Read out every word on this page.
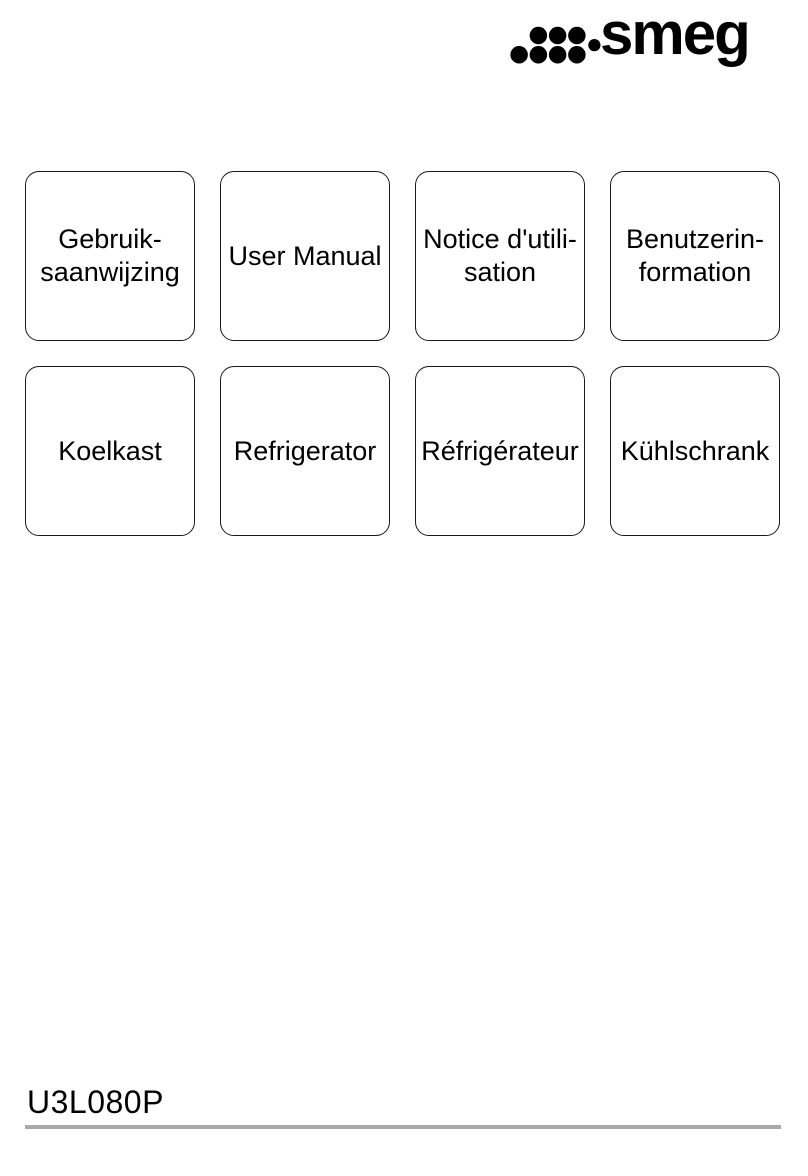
smeg
Gebruik-
saanwijzing
User Manual
Notice d'utili-
sation
Benutzerin-
formation
Koelkast	Refrigerator	Réfrigérateur	Kühlschrank
U3L080P
